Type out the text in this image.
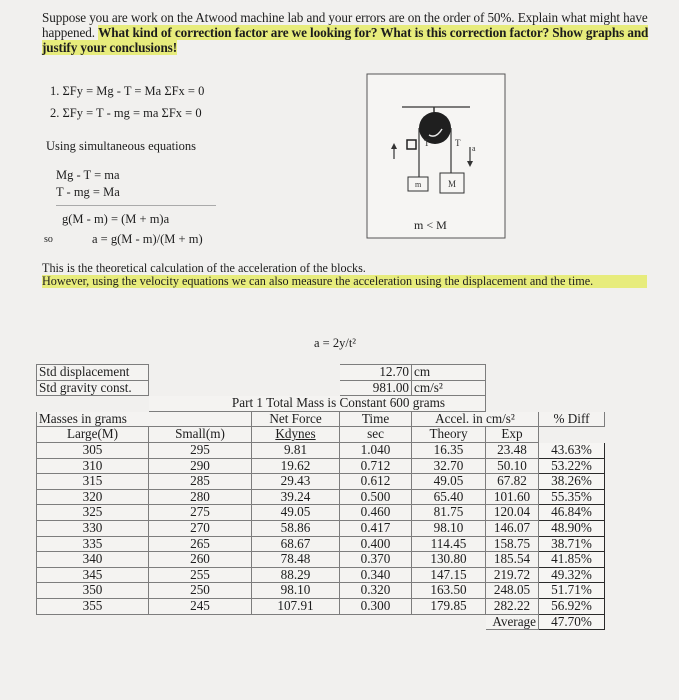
Suppose you are work on the Atwood machine lab and your errors are on the order of 50%. Explain what might have happened. What kind of correction factor are we looking for? What is this correction factor? Show graphs and justify your conclusions!
1. ΣFy = Mg - T = Ma ΣFx = 0
2. ΣFy = T - mg = ma ΣFx = 0
Using simultaneous equations
Mg - T = ma
T - mg = Ma
g(M - m) = (M + m)a
so	a = g(M - m)/(M + m)
T	T
a
m	M
m < M
This is the theoretical calculation of the acceleration of the blocks.
However, using the velocity equations we can also measure the acceleration using the displacement and the time.
a = 2y/t²
Std displacement			12.70	cm		
Std gravity const.			981.00	cm/s²		
	Part 1 Total Mass is Constant 600 grams					
Masses in grams		Net Force	Time	Accel. in cm/s²		% Diff
Large(M)	Small(m)	Kdynes	sec	Theory	Exp	
305	295	9.81	1.040	16.35	23.48	43.63%
310	290	19.62	0.712	32.70	50.10	53.22%
315	285	29.43	0.612	49.05	67.82	38.26%
320	280	39.24	0.500	65.40	101.60	55.35%
325	275	49.05	0.460	81.75	120.04	46.84%
330	270	58.86	0.417	98.10	146.07	48.90%
335	265	68.67	0.400	114.45	158.75	38.71%
340	260	78.48	0.370	130.80	185.54	41.85%
345	255	88.29	0.340	147.15	219.72	49.32%
350	250	98.10	0.320	163.50	248.05	51.71%
355	245	107.91	0.300	179.85	282.22	56.92%
					Average	47.70%
